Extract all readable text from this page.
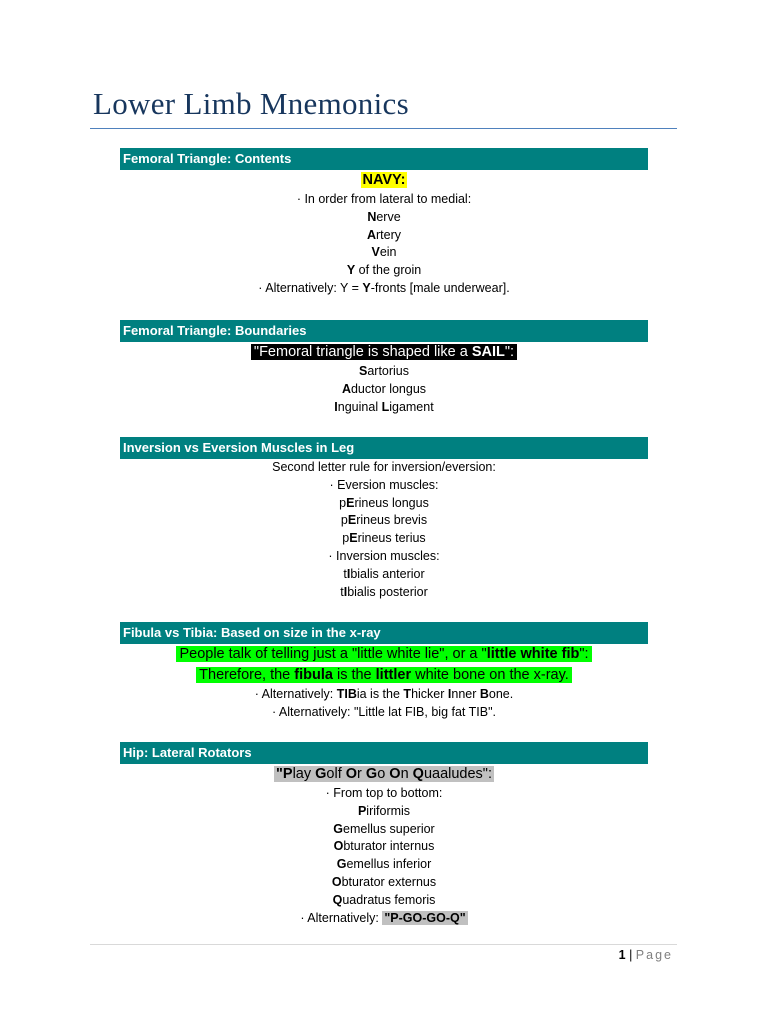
Lower Limb Mnemonics
Femoral Triangle: Contents
NAVY:
· In order from lateral to medial:
Nerve
Artery
Vein
Y of the groin
· Alternatively: Y = Y-fronts [male underwear].
Femoral Triangle: Boundaries
"Femoral triangle is shaped like a SAIL":
Sartorius
Aductor longus
Inguinal Ligament
Inversion vs Eversion Muscles in Leg
Second letter rule for inversion/eversion:
· Eversion muscles:
pErineus longus
pErineus brevis
pErineus terius
· Inversion muscles:
tIbialis anterior
tIbialis posterior
Fibula vs Tibia: Based on size in the x-ray
People talk of telling just a "little white lie", or a "little white fib":
Therefore, the fibula is the littler white bone on the x-ray.
· Alternatively: TIBia is the Thicker Inner Bone.
· Alternatively: "Little lat FIB, big fat TIB".
Hip: Lateral Rotators
"Play Golf Or Go On Quaaludes":
· From top to bottom:
Piriformis
Gemellus superior
Obturator internus
Gemellus inferior
Obturator externus
Quadratus femoris
· Alternatively: "P-GO-GO-Q"
1 | Page
